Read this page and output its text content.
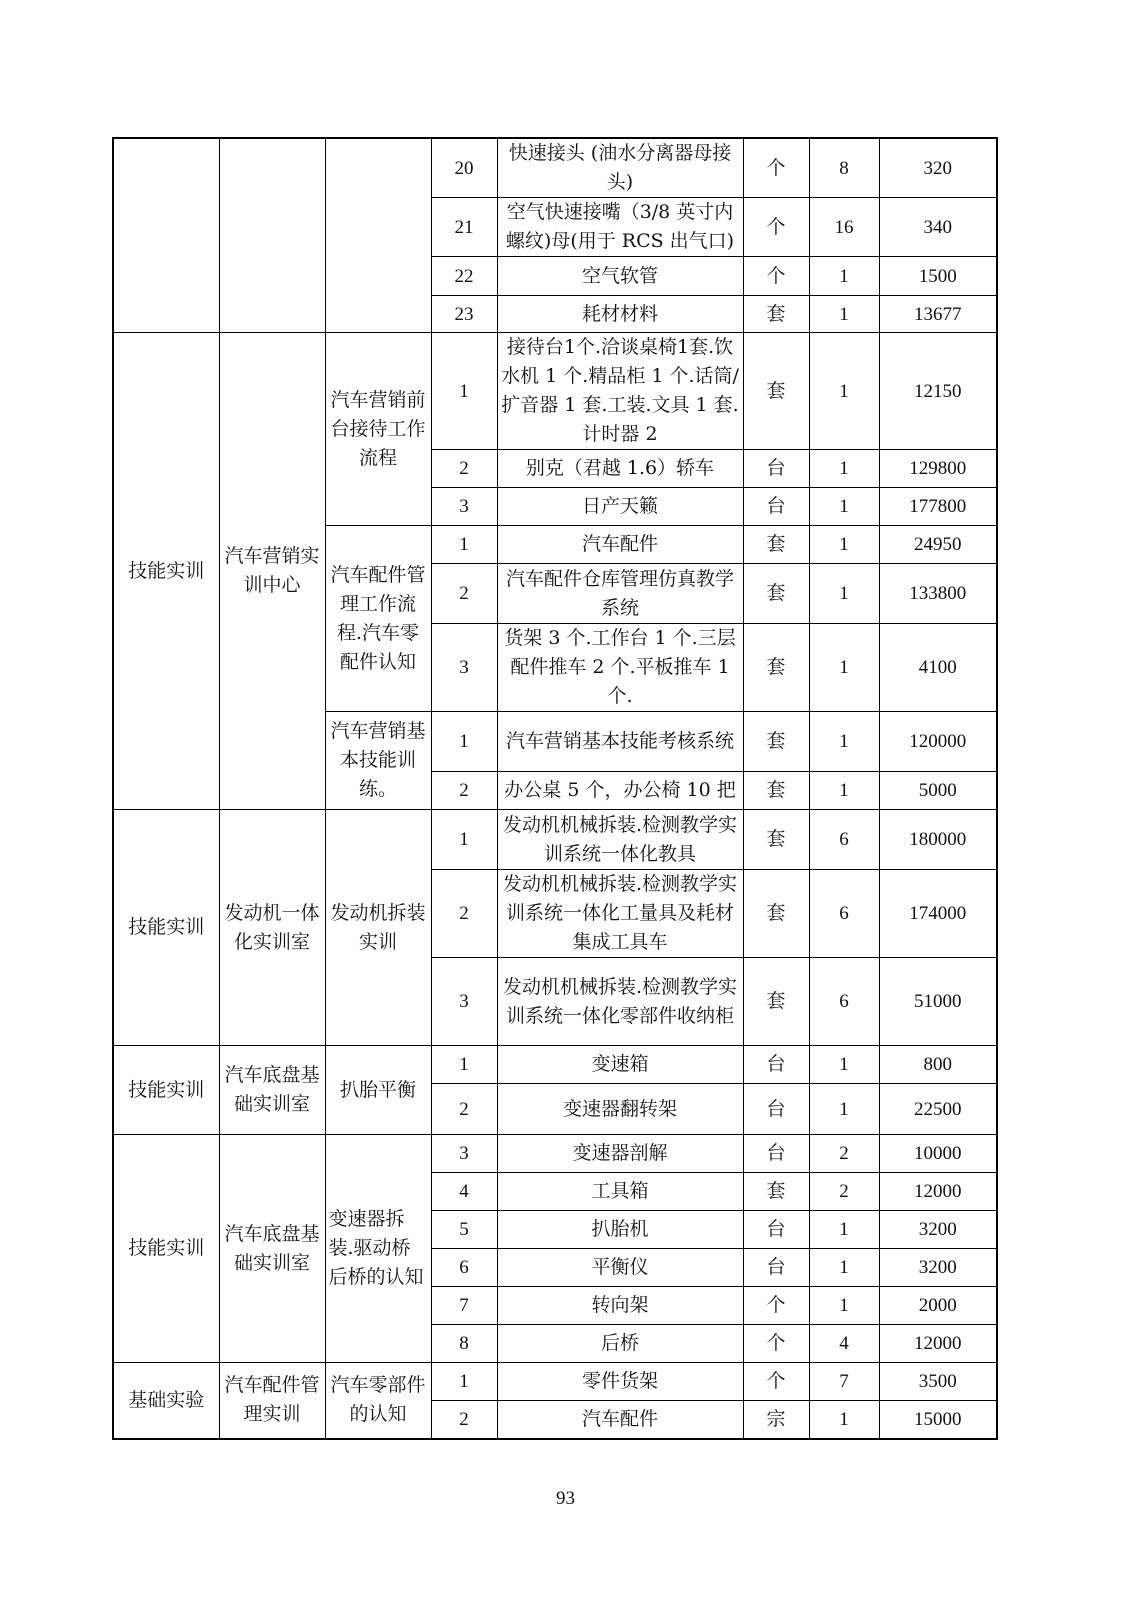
			20	快速接头 (油水分离器母接头)	个	8	320
			21	空气快速接嘴（3/8 英寸内螺纹)母(用于 RCS 出气口)	个	16	340
			22	空气软管	个	1	1500
			23	耗材材料	套	1	13677
技能实训	汽车营销实训中心	汽车营销前台接待工作流程	1	接待台1个.洽谈桌椅1套.饮水机 1 个.精品柜 1 个.话筒/扩音器 1 套.工装.文具 1 套.计时器 2	套	1	12150
			2	别克（君越 1.6）轿车	台	1	129800
			3	日产天籁	台	1	177800
		汽车配件管理工作流程.汽车零配件认知	1	汽车配件	套	1	24950
			2	汽车配件仓库管理仿真教学系统	套	1	133800
			3	货架 3 个.工作台 1 个.三层配件推车 2 个.平板推车 1 个.	套	1	4100
		汽车营销基本技能训练。	1	汽车营销基本技能考核系统	套	1	120000
			2	办公桌 5 个，办公椅 10 把	套	1	5000
技能实训	发动机一体化实训室	发动机拆装实训	1	发动机机械拆装.检测教学实训系统一体化教具	套	6	180000
			2	发动机机械拆装.检测教学实训系统一体化工量具及耗材集成工具车	套	6	174000
			3	发动机机械拆装.检测教学实训系统一体化零部件收纳柜	套	6	51000
技能实训	汽车底盘基础实训室	扒胎平衡	1	变速箱	台	1	800
			2	变速器翻转架	台	1	22500
技能实训	汽车底盘基础实训室	变速器拆装.驱动桥后桥的认知	3	变速器剖解	台	2	10000
			4	工具箱	套	2	12000
			5	扒胎机	台	1	3200
			6	平衡仪	台	1	3200
			7	转向架	个	1	2000
			8	后桥	个	4	12000
基础实验	汽车配件管理实训	汽车零部件的认知	1	零件货架	个	7	3500
			2	汽车配件	宗	1	15000
93
